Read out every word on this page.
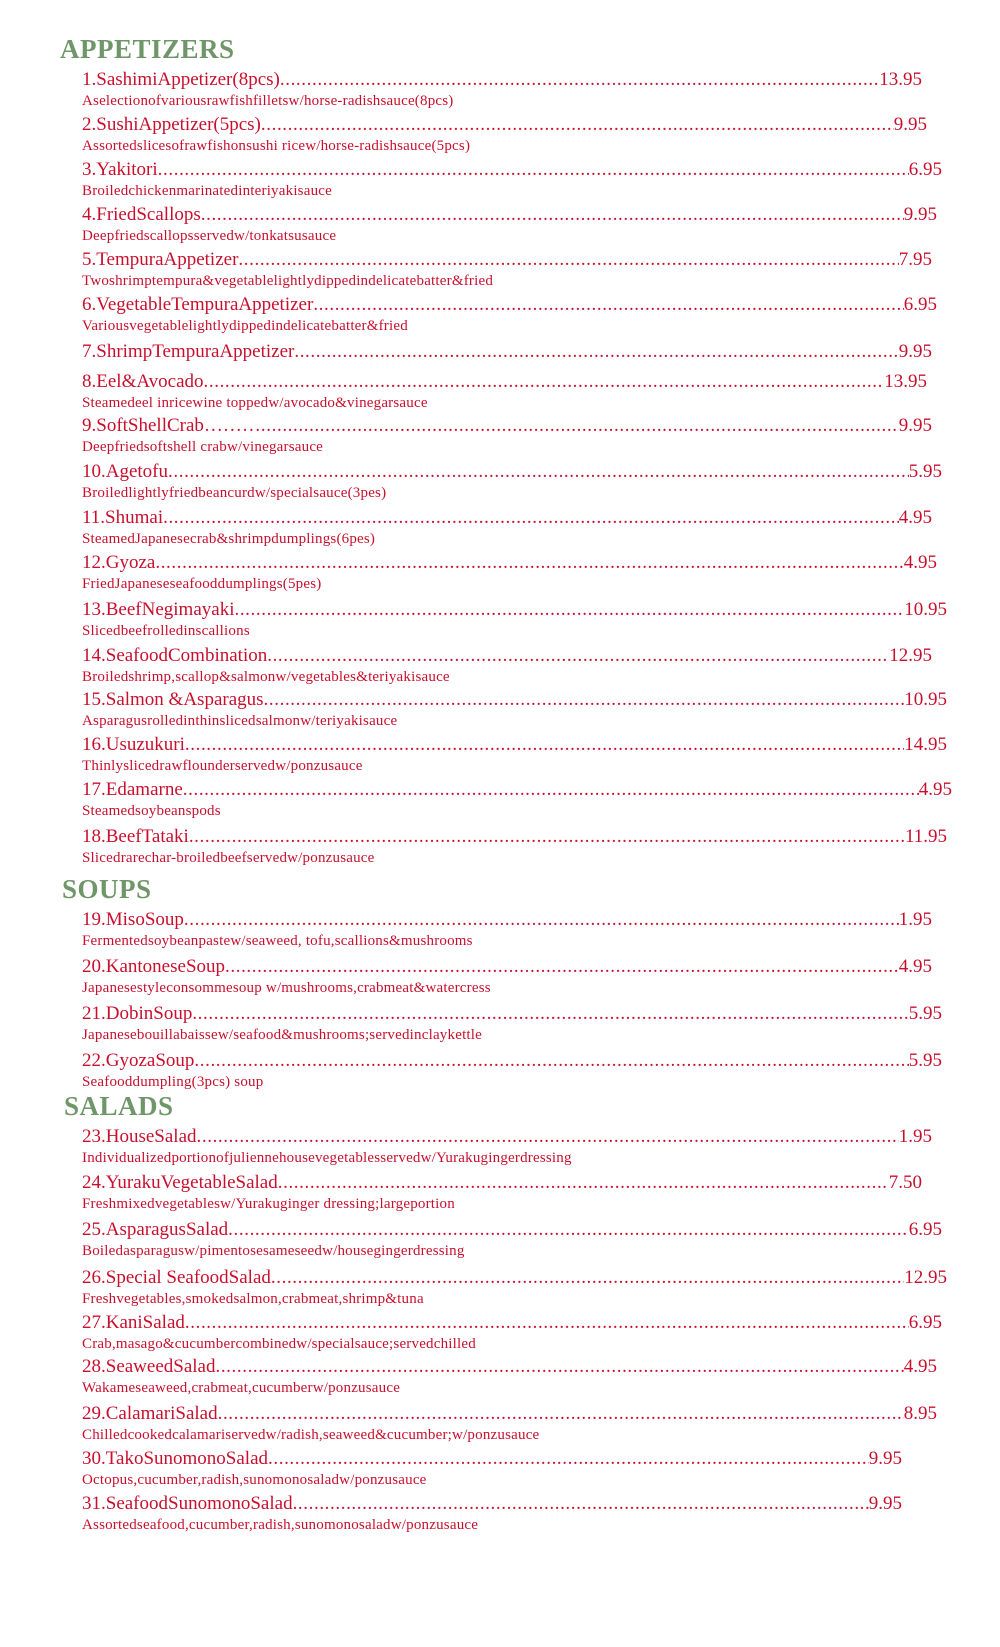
APPETIZERS
1.SashimiAppetizer(8pcs) .....	13.95
Aselectionofvariousrawfishfilletsw/horse-radishsauce(8pcs)
2.SushiAppetizer(5pcs) .....	9.95
Assortedslicesofrawfishonsushi ricew/horse-radishsauce(5pcs)
3.Yakitori .....	6.95
Broiledchickenmarinatedinteriyakisauce
4.FriedScallops .....	9.95
Deepfriedscallopsservedw/tonkatsusauce
5.TempuraAppetizer .....	7.95
Twoshrimptempura&vegetablelightlydippedindelicatebatter&fried
6.VegetableTempuraAppetizer .....	6.95
Variousvegetablelightlydippedindelicatebatter&fried
7.ShrimpTempuraAppetizer .....	9.95
8.Eel&Avocado .....	13.95
Steamedeel inricewine toppedw/avocado&vinegarsauce
9.SoftShellCrab……… .....	9.95
Deepfriedsoftshell crabw/vinegarsauce
10.Agetofu .....	5.95
Broiledlightlyfriedbeancurdw/specialsauce(3pes)
11.Shumai .....	4.95
SteamedJapanesecrab&shrimpdumplings(6pes)
12.Gyoza .....	4.95
FriedJapaneseseafooddumplings(5pes)
13.BeefNegimayaki .....	10.95
Slicedbeefrolledinscallions
14.SeafoodCombination .....	12.95
Broiledshrimp,scallop&salmonw/vegetables&teriyakisauce
15.Salmon &Asparagus .....	10.95
Asparagusrolledinthinslicedsalmonw/teriyakisauce
16.Usuzukuri .....	14.95
Thinlyslicedrawflounderservedw/ponzusauce
17.Edamarne .....	4.95
Steamedsoybeanspods
18.BeefTataki .....	11.95
Slicedrarechar-broiledbeefservedw/ponzusauce
SOUPS
19.MisoSoup .....	1.95
Fermentedsoybeanpastew/seaweed, tofu,scallions&mushrooms
20.KantoneseSoup .....	4.95
Japanesestyleconsommesoup w/mushrooms,crabmeat&watercress
21.DobinSoup .....	5.95
Japanesebouillabaissew/seafood&mushrooms;servedinclaykettle
22.GyozaSoup .....	5.95
Seafooddumpling(3pcs) soup
SALADS
23.HouseSalad .....	1.95
Individualizedportionofjuliennehousevegetablesservedw/Yurakugingerdressing
24.YurakuVegetableSalad .....	7.50
Freshmixedvegetablesw/Yurakuginger dressing;largeportion
25.AsparagusSalad .....	6.95
Boiledasparagusw/pimentosesameseedw/housegingerdressing
26.Special SeafoodSalad .....	12.95
Freshvegetables,smokedsalmon,crabmeat,shrimp&tuna
27.KaniSalad .....	6.95
Crab,masago&cucumbercombinedw/specialsauce;servedchilled
28.SeaweedSalad .....	4.95
Wakameseaweed,crabmeat,cucumberw/ponzusauce
29.CalamariSalad .....	8.95
Chilledcookedcalamariservedw/radish,seaweed&cucumber;w/ponzusauce
30.TakoSunomonoSalad .....	9.95
Octopus,cucumber,radish,sunomonosaladw/ponzusauce
31.SeafoodSunomonoSalad .....	9.95
Assortedseafood,cucumber,radish,sunomonosaladw/ponzusauce
